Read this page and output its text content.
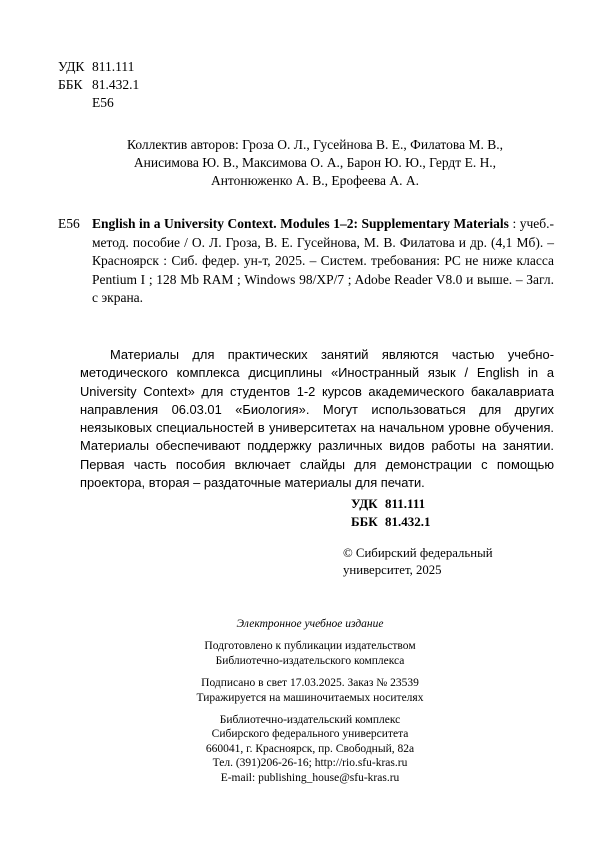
УДК 811.111
ББК 81.432.1
Е56
Коллектив авторов: Гроза О. Л., Гусейнова В. Е., Филатова М. В.,
Анисимова Ю. В., Максимова О. А., Барон Ю. Ю., Гердт Е. Н.,
Антонюженко А. В., Ерофеева А. А.
Е56 English in a University Context. Modules 1–2: Supplementary Materials : учеб.-метод. пособие / О. Л. Гроза, В. Е. Гусейнова, М. В. Филатова и др. (4,1 Мб). – Красноярск : Сиб. федер. ун-т, 2025. – Систем. требования: PC не ниже класса Pentium I ; 128 Mb RAM ; Windows 98/XP/7 ; Adobe Reader V8.0 и выше. – Загл. с экрана.
Материалы для практических занятий являются частью учебно-методического комплекса дисциплины «Иностранный язык / English in a University Context» для студентов 1-2 курсов академического бакалавриата направления 06.03.01 «Биология». Могут использоваться для других неязыковых специальностей в университетах на начальном уровне обучения. Материалы обеспечивают поддержку различных видов работы на занятии. Первая часть пособия включает слайды для демонстрации с помощью проектора, вторая – раздаточные материалы для печати.
УДК 811.111
ББК 81.432.1
© Сибирский федеральный
университет, 2025
Электронное учебное издание
Подготовлено к публикации издательством
Библиотечно-издательского комплекса
Подписано в свет 17.03.2025. Заказ № 23539
Тиражируется на машиночитаемых носителях
Библиотечно-издательский комплекс
Сибирского федерального университета
660041, г. Красноярск, пр. Свободный, 82а
Тел. (391)206-26-16; http://rio.sfu-kras.ru
E-mail: publishing_house@sfu-kras.ru
